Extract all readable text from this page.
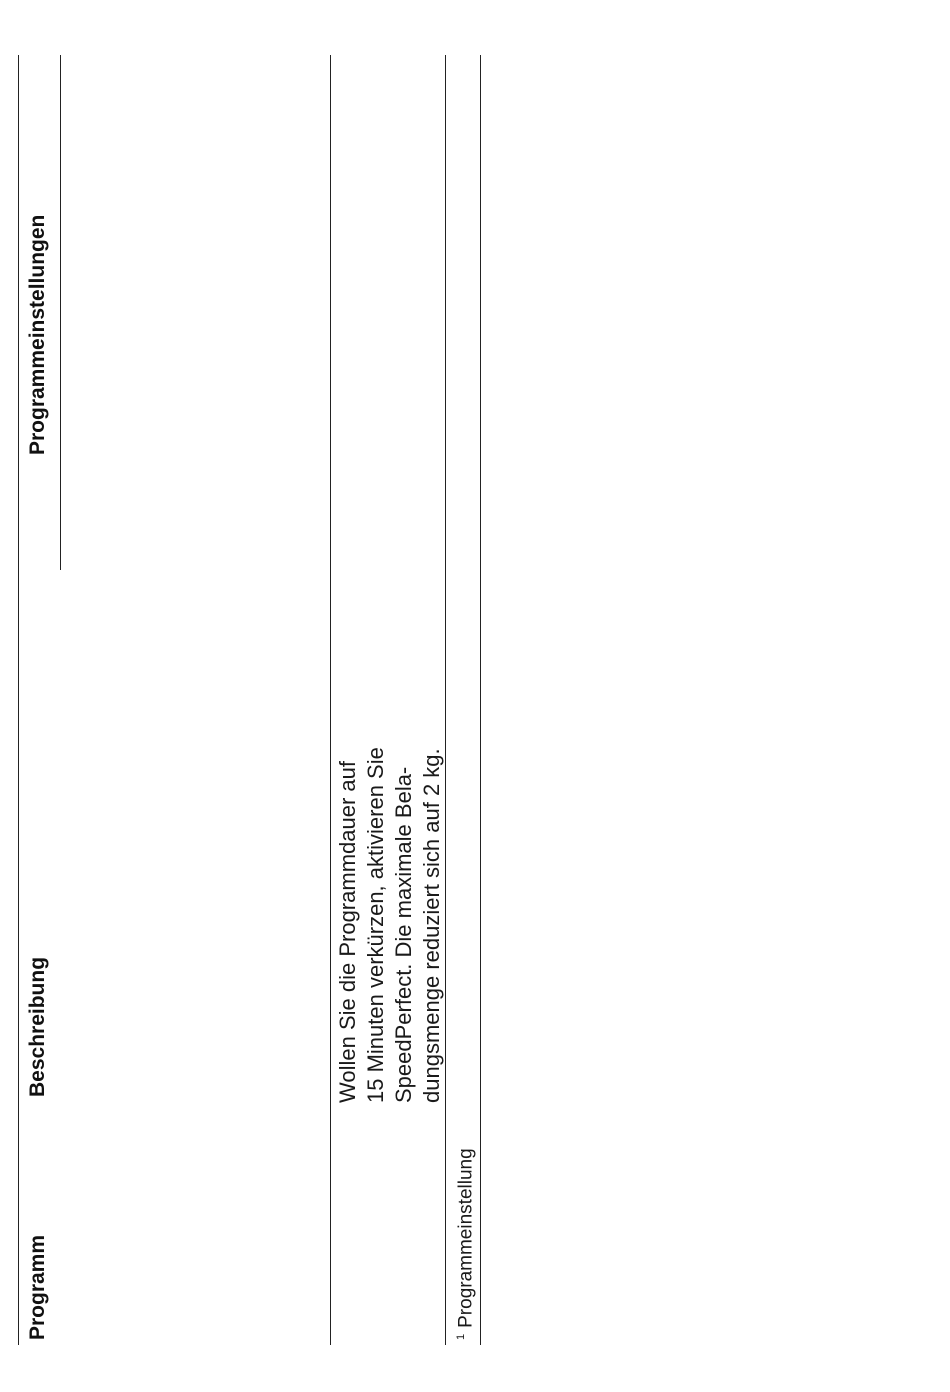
Programm
Beschreibung
Programmeinstellungen
Wollen Sie die Programmdauer auf 15 Minuten verkürzen, aktivieren Sie SpeedPerfect. Die maximale Bela- dungsmenge reduziert sich auf 2 kg.
$^1$Programmeinstellung
